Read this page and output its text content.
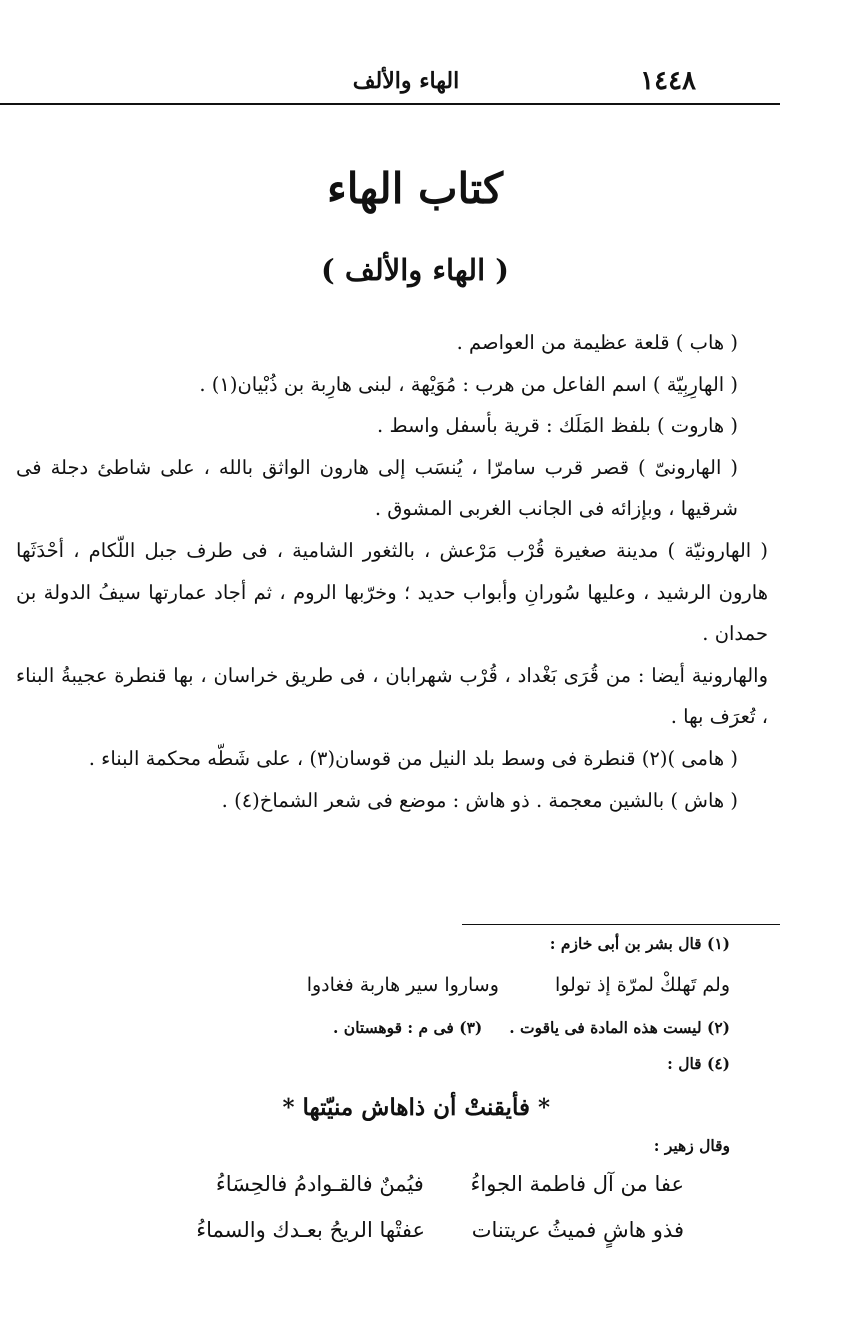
١٤٤٨
الهاء والألف
كتاب الهاء
( الهاء والألف )

( هاب ) قلعة عظيمة من العواصم .

( الهارِبِيّة ) اسم الفاعل من هرب : مُوَيْهة ، لبنى هارِبة بن ذُبْيان(١) .

( هاروت ) بلفظ المَلَك : قرية بأسفل واسط .

( الهارونىّ ) قصر قرب سامرّا ، يُنسَب إلى هارون الواثق بالله ، على شاطئ دجلة فى شرقيها ، وبإزائه فى الجانب الغربى المشوق .

( الهارونيّة ) مدينة صغيرة قُرْب مَرْعش ، بالثغور الشامية ، فى طرف جبل اللّكام ، أحْدَثَها هارون الرشيد ، وعليها سُورانِ وأبواب حديد ؛ وخرّبها الروم ، ثم أجاد عمارتها سيفُ الدولة بن حمدان .

والهارونية أيضا : من قُرَى بَغْداد ، قُرْب شهرابان ، فى طريق خراسان ، بها قنطرة عجيبةُ البناء ، تُعرَف بها .

( هامى )(٢) قنطرة فى وسط بلد النيل من قوسان(٣) ، على شَطّه محكمة البناء .

( هاش ) بالشين معجمة . ذو هاش : موضع فى شعر الشماخ(٤) .

(١) قال بشر بن أبى خازم :
ولم تَهلكْ لمرّة إذ تولوا وساروا سير هاربة فغادوا
(٢) ليست هذه المادة فى ياقوت .     (٣) فى م : قوهستان .
(٤) قال :
* فأيقنتْ أن ذاهاش منيّتها *
وقال زهير :
عفا من آل فاطمة الجواءُ فيُمنٌ فالقـوادمُ فالحِسَاءُ
فذو هاشٍ فميثُ عريتنات عفتْها الريحُ بعـدك والسماءُ
